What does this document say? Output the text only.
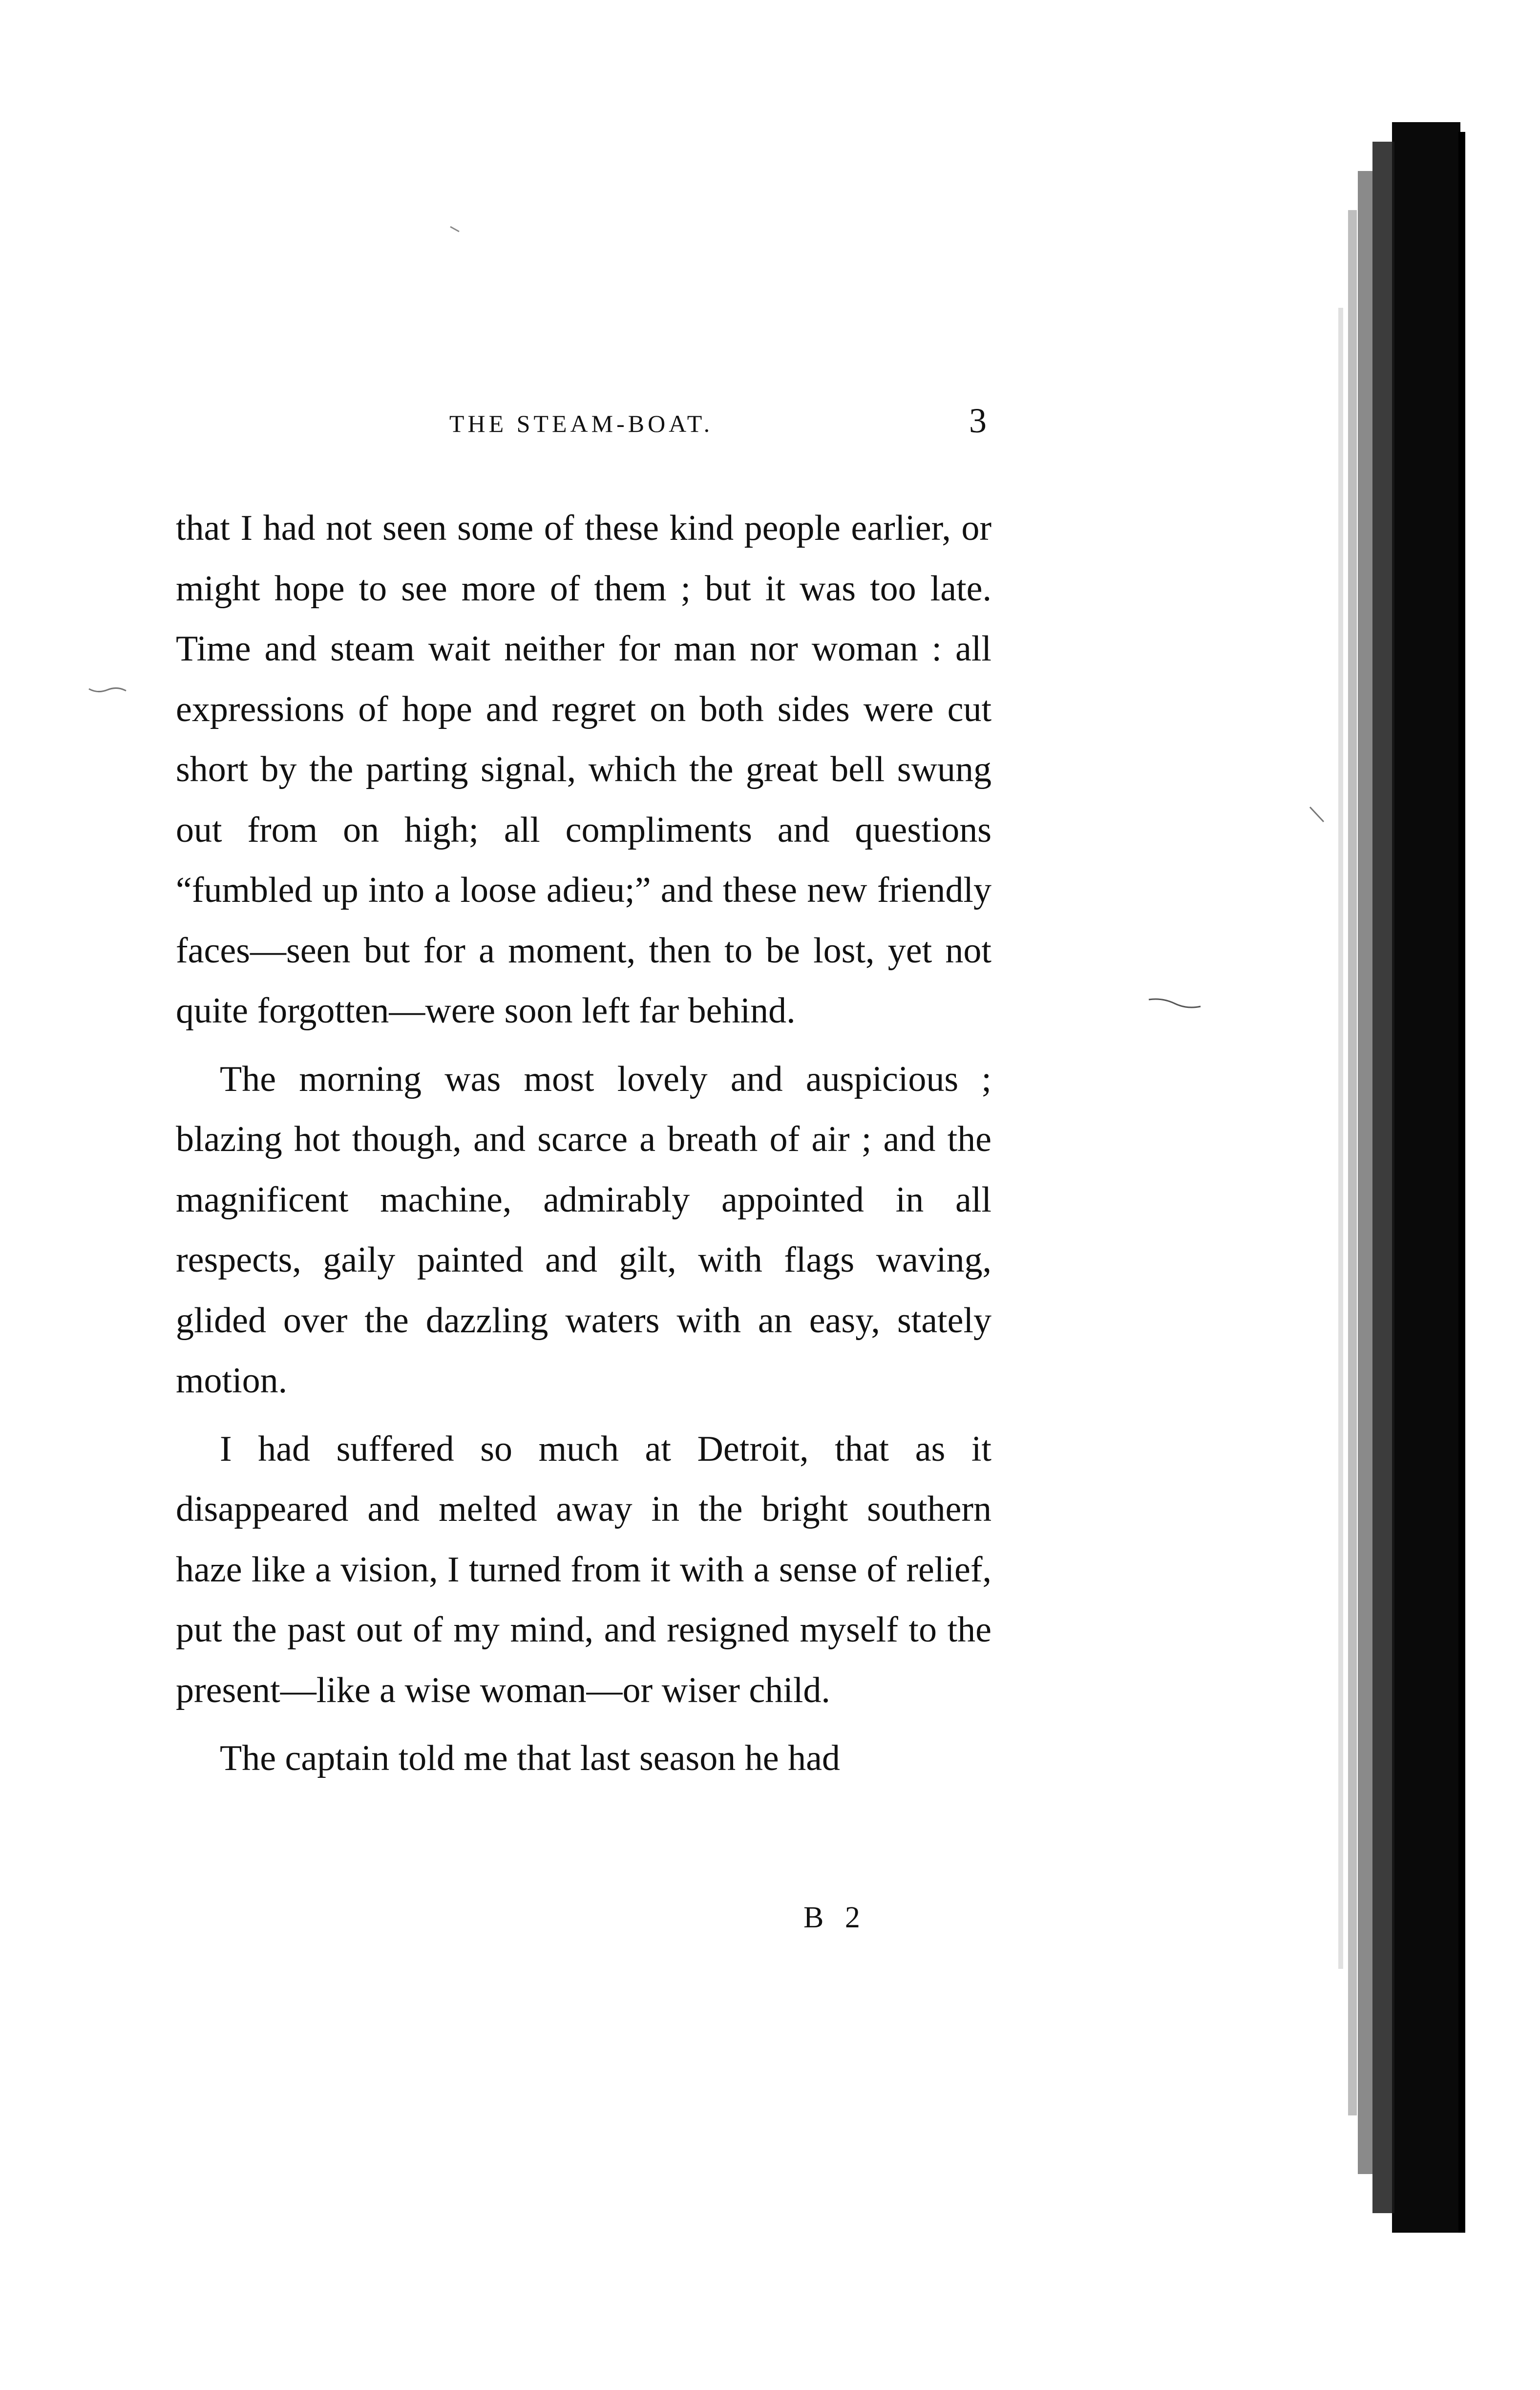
THE STEAM-BOAT.	3

that I had not seen some of these kind people earlier, or might hope to see more of them ; but it was too late. Time and steam wait neither for man nor woman : all expressions of hope and regret on both sides were cut short by the parting signal, which the great bell swung out from on high; all compliments and questions “fumbled up into a loose adieu;” and these new friendly faces—seen but for a moment, then to be lost, yet not quite forgotten—were soon left far behind.

The morning was most lovely and auspicious ; blazing hot though, and scarce a breath of air ; and the magnificent machine, admirably appointed in all respects, gaily painted and gilt, with flags waving, glided over the dazzling waters with an easy, stately motion.

I had suffered so much at Detroit, that as it disappeared and melted away in the bright southern haze like a vision, I turned from it with a sense of relief, put the past out of my mind, and resigned myself to the present—like a wise woman—or wiser child.

The captain told me that last season he had

B 2
